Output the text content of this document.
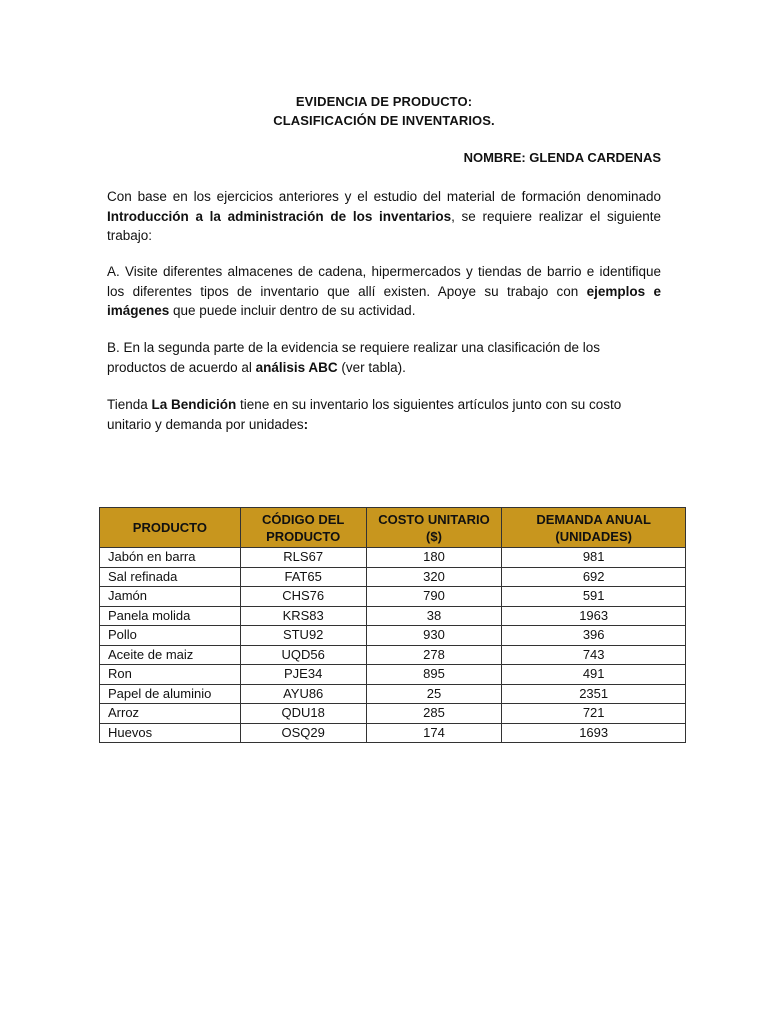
EVIDENCIA DE PRODUCTO:
CLASIFICACIÓN DE INVENTARIOS.
NOMBRE: GLENDA CARDENAS
Con base en los ejercicios anteriores y el estudio del material de formación denominado Introducción a la administración de los inventarios, se requiere realizar el siguiente trabajo:
A. Visite diferentes almacenes de cadena, hipermercados y tiendas de barrio e identifique los diferentes tipos de inventario que allí existen. Apoye su trabajo con ejemplos e imágenes que puede incluir dentro de su actividad.
B. En la segunda parte de la evidencia se requiere realizar una clasificación de los productos de acuerdo al análisis ABC (ver tabla).
Tienda La Bendición tiene en su inventario los siguientes artículos junto con su costo unitario y demanda por unidades:
PRODUCTO	CÓDIGO DEL PRODUCTO	COSTO UNITARIO ($)	DEMANDA ANUAL (UNIDADES)
Jabón en barra	RLS67	180	981
Sal refinada	FAT65	320	692
Jamón	CHS76	790	591
Panela molida	KRS83	38	1963
Pollo	STU92	930	396
Aceite de maiz	UQD56	278	743
Ron	PJE34	895	491
Papel de aluminio	AYU86	25	2351
Arroz	QDU18	285	721
Huevos	OSQ29	174	1693
